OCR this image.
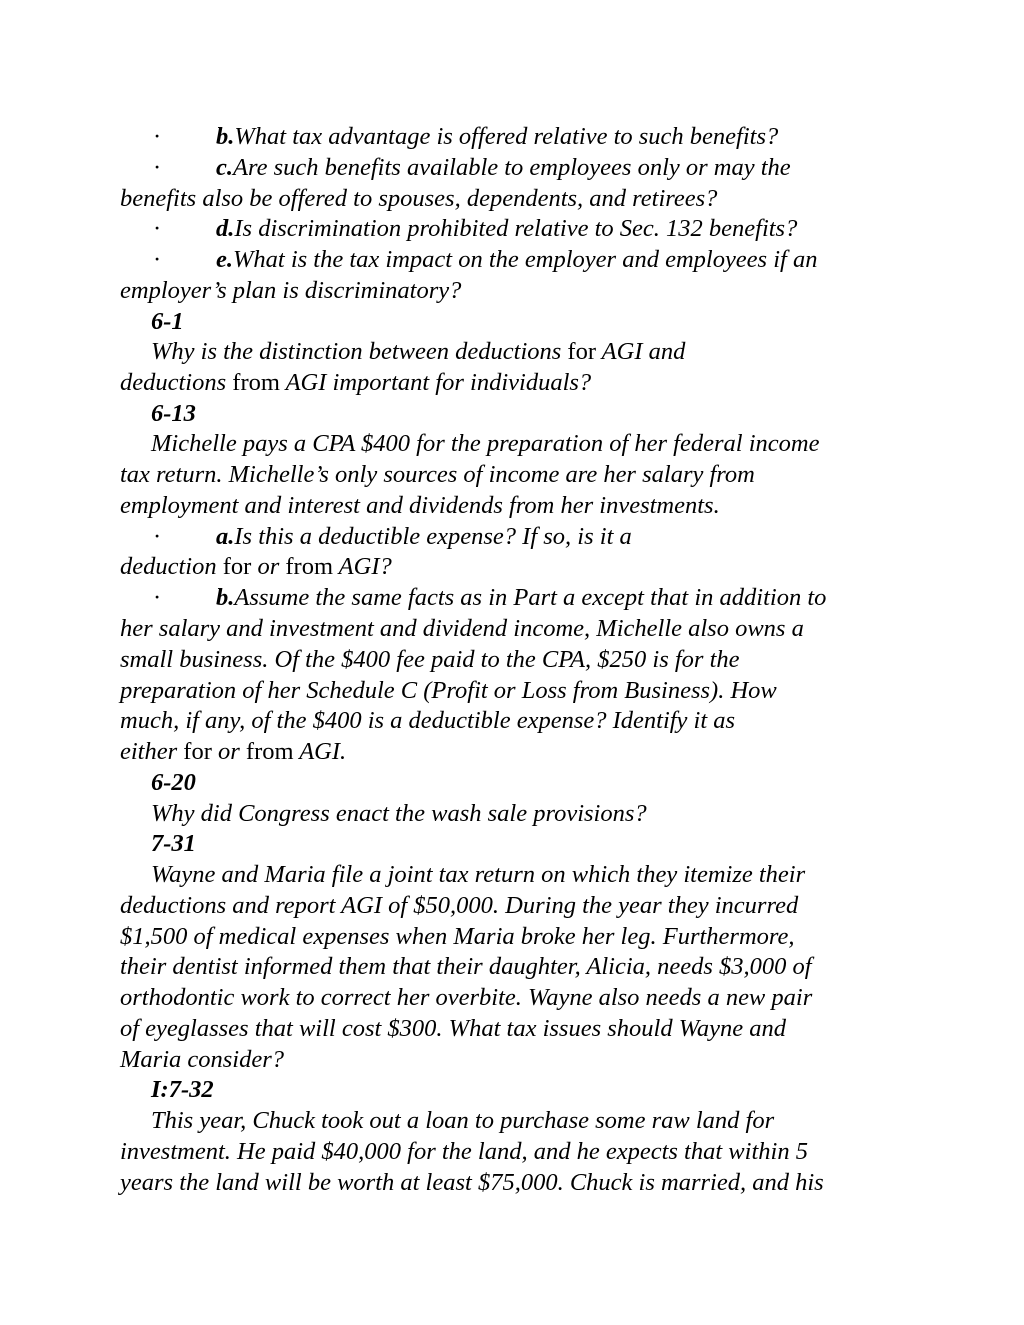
· b.What tax advantage is offered relative to such benefits?
· c.Are such benefits available to employees only or may the
benefits also be offered to spouses, dependents, and retirees?
· d.Is discrimination prohibited relative to Sec. 132 benefits?
· e.What is the tax impact on the employer and employees if an
employer’s plan is discriminatory?
6-1
Why is the distinction between deductions for AGI and
deductions from AGI important for individuals?
6-13
Michelle pays a CPA $400 for the preparation of her federal income
tax return. Michelle’s only sources of income are her salary from
employment and interest and dividends from her investments.
· a.Is this a deductible expense? If so, is it a
deduction for or from AGI?
· b.Assume the same facts as in Part a except that in addition to
her salary and investment and dividend income, Michelle also owns a
small business. Of the $400 fee paid to the CPA, $250 is for the
preparation of her Schedule C (Profit or Loss from Business). How
much, if any, of the $400 is a deductible expense? Identify it as
either for or from AGI.
6-20
Why did Congress enact the wash sale provisions?
7-31
Wayne and Maria file a joint tax return on which they itemize their
deductions and report AGI of $50,000. During the year they incurred
$1,500 of medical expenses when Maria broke her leg. Furthermore,
their dentist informed them that their daughter, Alicia, needs $3,000 of
orthodontic work to correct her overbite. Wayne also needs a new pair
of eyeglasses that will cost $300. What tax issues should Wayne and
Maria consider?
I:7-32
This year, Chuck took out a loan to purchase some raw land for
investment. He paid $40,000 for the land, and he expects that within 5
years the land will be worth at least $75,000. Chuck is married, and his
